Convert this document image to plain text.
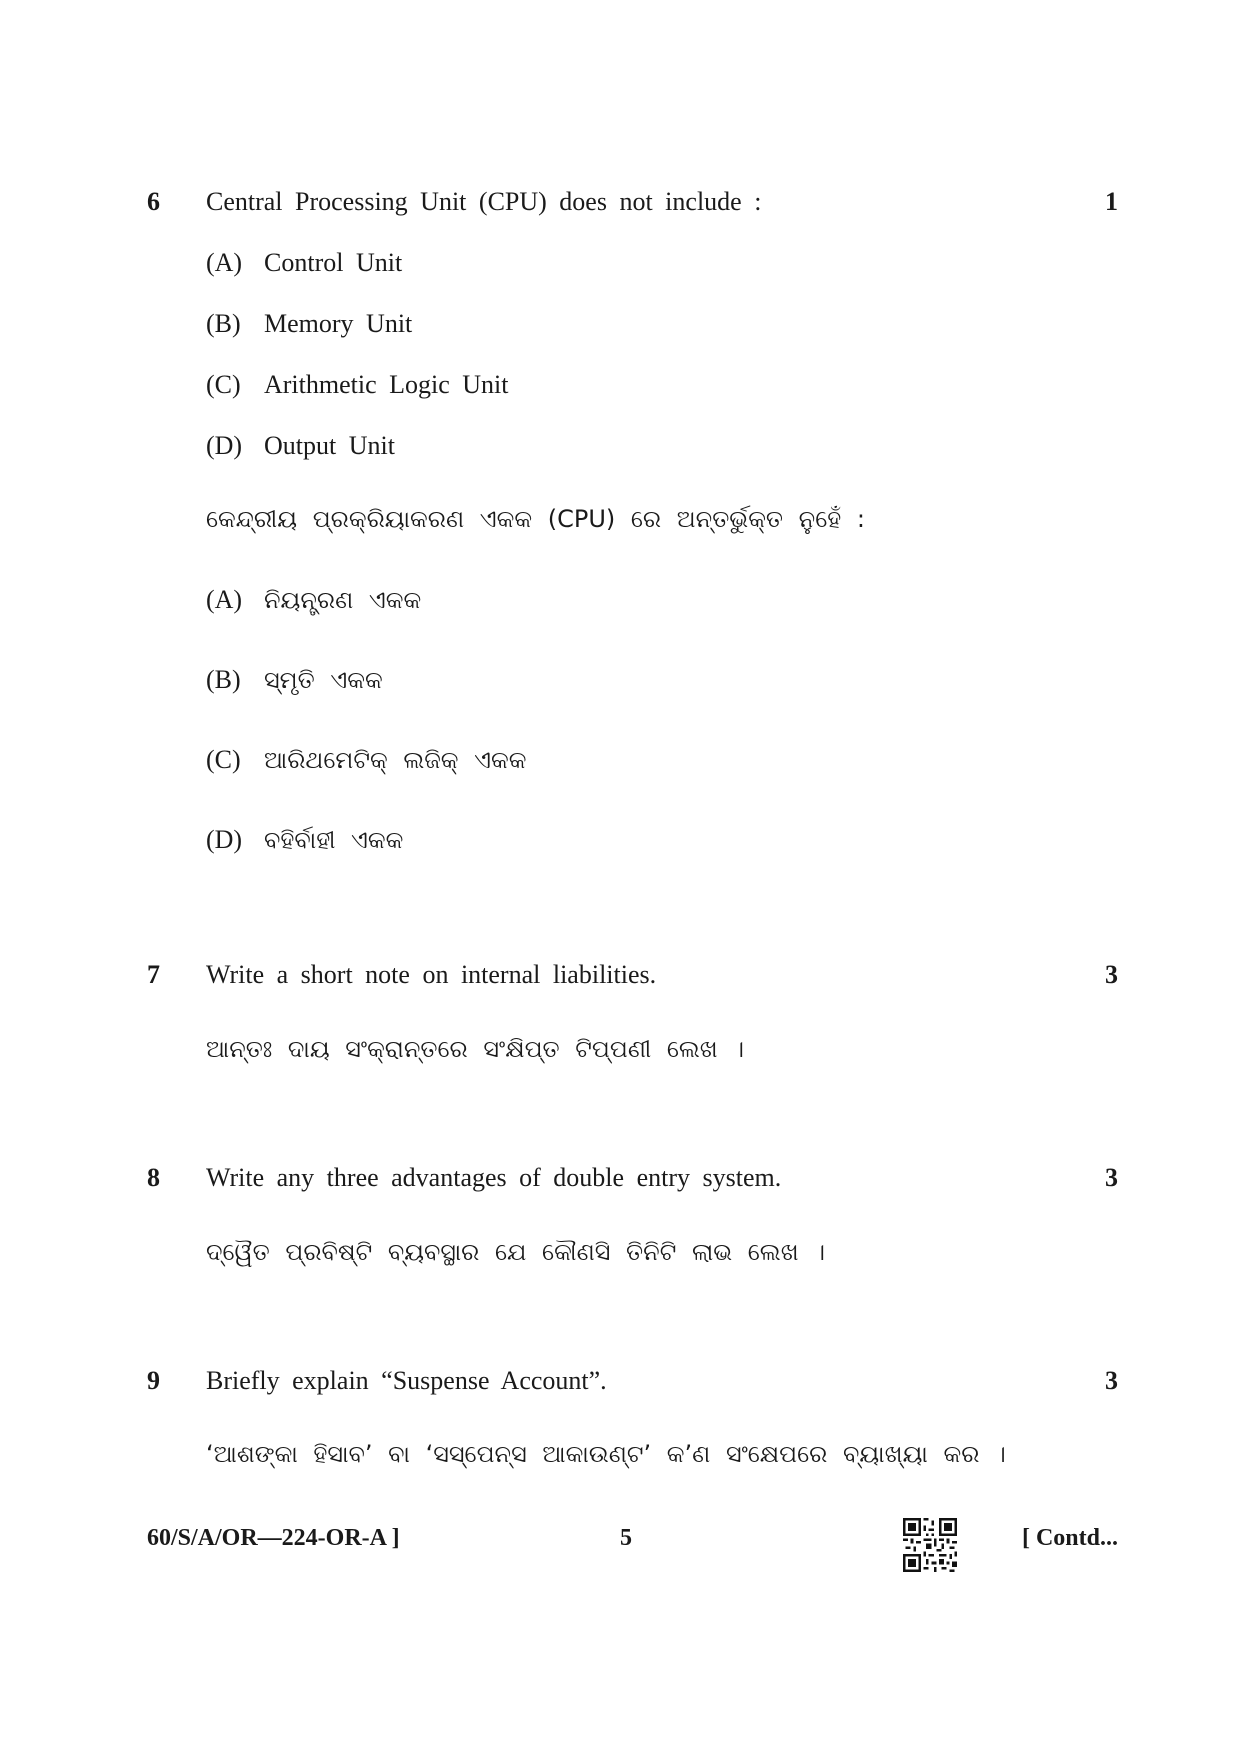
6 Central Processing Unit (CPU) does not include :	1
(A) Control Unit
(B) Memory Unit
(C) Arithmetic Logic Unit
(D) Output Unit
କେନ୍ଦ୍ରୀୟ ପ୍ରକ୍ରିୟାକରଣ ଏକକ (CPU) ରେ ଅନ୍ତର୍ଭୁକ୍ତ ନୁହେଁ :
(A) ନିୟନ୍ତ୍ରଣ ଏକକ
(B) ସ୍ମୃତି ଏକକ
(C) ଆରିଥମେଟିକ୍ ଲଜିକ୍ ଏକକ
(D) ବହିର୍ବାହୀ ଏକକ
7 Write a short note on internal liabilities.	3
ଆନ୍ତଃ ଦାୟ ସଂକ୍ରାନ୍ତରେ ସଂକ୍ଷିପ୍ତ ଟିପ୍ପଣୀ ଲେଖ ।
8 Write any three advantages of double entry system.	3
ଦ୍ୱୈତ ପ୍ରବିଷ୍ଟି ବ୍ୟବସ୍ଥାର ଯେ କୌଣସି ତିନିଟି ଲାଭ ଲେଖ ।
9 Briefly explain “Suspense Account”.	3
‘ଆଶଙ୍କା ହିସାବ’ ବା ‘ସସ୍‌ପେନ୍‌ସ ଆକାଉଣ୍ଟ’ କ’ଣ ସଂକ୍ଷେପରେ ବ୍ୟାଖ୍ୟା କର ।
60/S/A/OR—224-OR-A ]	5	[ Contd...
